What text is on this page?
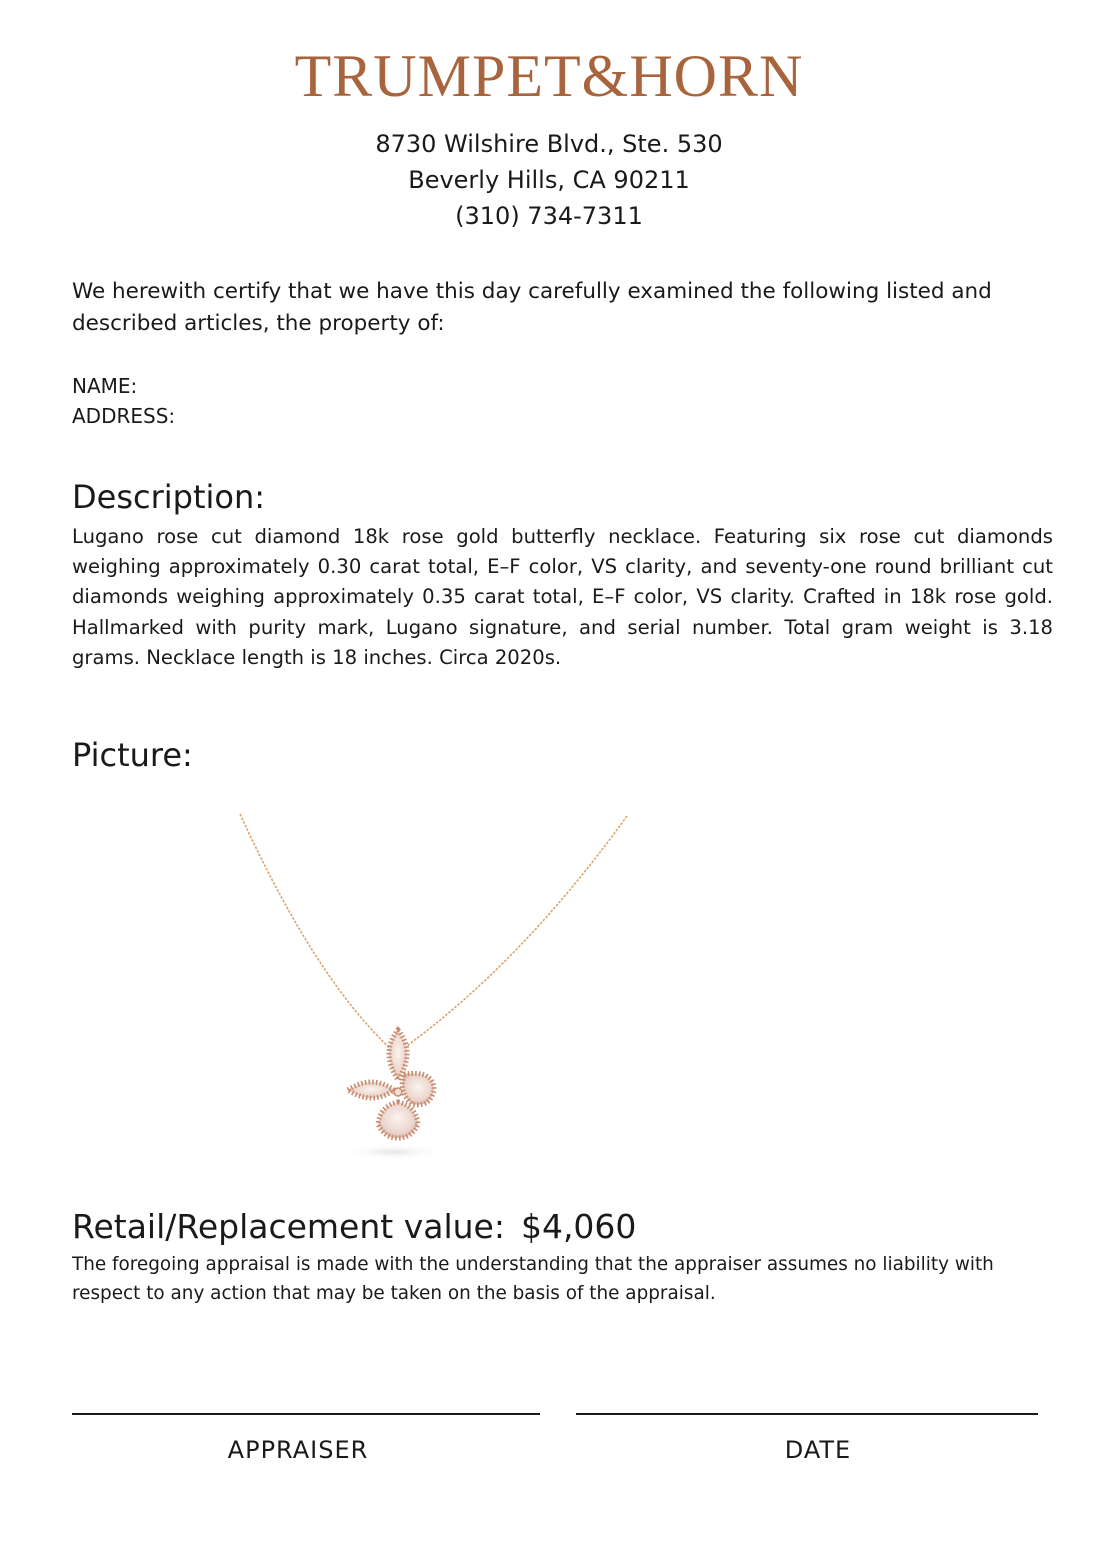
TRUMPET&HORN
8730 Wilshire Blvd., Ste. 530
Beverly Hills, CA 90211
(310) 734-7311
We herewith certify that we have this day carefully examined the following listed and described articles, the property of:
NAME:
ADDRESS:
Description:
Lugano rose cut diamond 18k rose gold butterfly necklace. Featuring six rose cut diamonds weighing approximately 0.30 carat total, E–F color, VS clarity, and seventy-one round brilliant cut diamonds weighing approximately 0.35 carat total, E–F color, VS clarity. Crafted in 18k rose gold. Hallmarked with purity mark, Lugano signature, and serial number. Total gram weight is 3.18 grams. Necklace length is 18 inches. Circa 2020s.
Picture:
Retail/Replacement value: $4,060
The foregoing appraisal is made with the understanding that the appraiser assumes no liability with respect to any action that may be taken on the basis of the appraisal.
APPRAISER	DATE
